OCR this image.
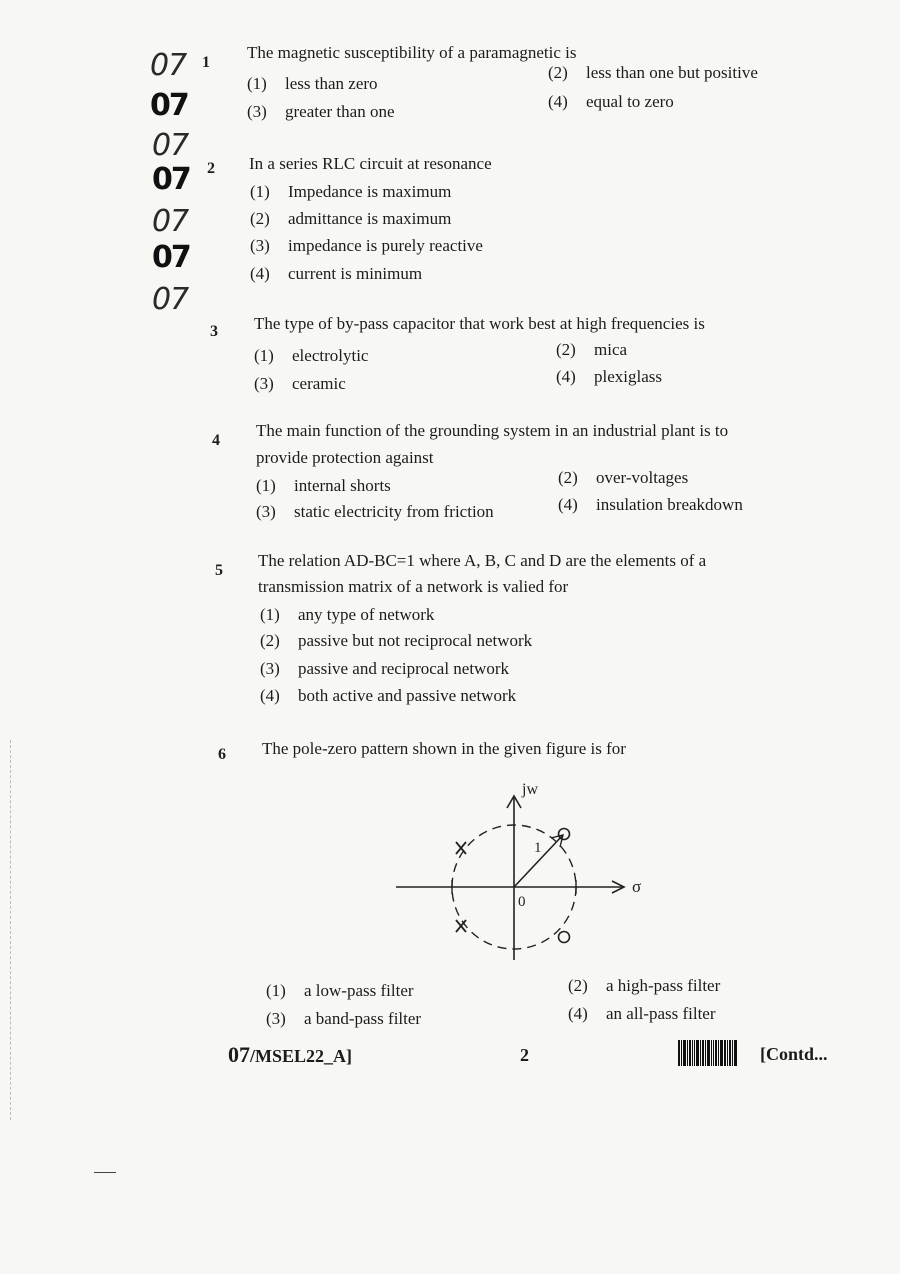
07
07
07
07
07
07
07
1
The magnetic susceptibility of a paramagnetic is
(1) less than zero
(2) less than one but positive
(3) greater than one
(4) equal to zero
2 In a series RLC circuit at resonance
(1) Impedance is maximum
(2) admittance is maximum
(3) impedance is purely reactive
(4) current is minimum
3 The type of by-pass capacitor that work best at high frequencies is
(1) electrolytic	(2) mica
(3) ceramic	(4) plexiglass
4
The main function of the grounding system in an industrial plant is to
provide protection against
(1) internal shorts	(2) over-voltages
(3) static electricity from friction	(4) insulation breakdown
5
The relation AD-BC=1 where A, B, C and D are the elements of a
transmission matrix of a network is valied for
(1) any type of network
(2) passive but not reciprocal network
(3) passive and reciprocal network
(4) both active and passive network
6 The pole-zero pattern shown in the given figure is for
jw
σ
0
1
(1) a low-pass filter	(2) a high-pass filter
(3) a band-pass filter	(4) an all-pass filter
07/MSEL22_A]	2	[Contd...
